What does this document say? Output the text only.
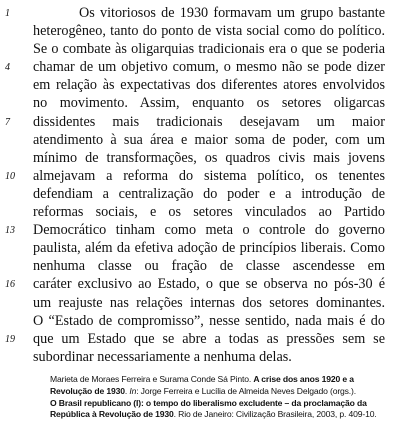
1	Os vitoriosos de 1930 formavam um grupo bastante
heterogêneo, tanto do ponto de vista social como do político.
Se o combate às oligarquias tradicionais era o que se poderia
4	chamar de um objetivo comum, o mesmo não se pode dizer
em relação às expectativas dos diferentes atores envolvidos
no movimento. Assim, enquanto os setores oligarcas
7	dissidentes mais tradicionais desejavam um maior
atendimento à sua área e maior soma de poder, com um
mínimo de transformações, os quadros civis mais jovens
10	almejavam a reforma do sistema político, os tenentes
defendiam a centralização do poder e a introdução de
reformas sociais, e os setores vinculados ao Partido
13	Democrático tinham como meta o controle do governo
paulista, além da efetiva adoção de princípios liberais. Como
nenhuma classe ou fração de classe ascendesse em
16	caráter exclusivo ao Estado, o que se observa no pós-30 é
um reajuste nas relações internas dos setores dominantes.
O “Estado de compromisso”, nesse sentido, nada mais é do
19	que um Estado que se abre a todas as pressões sem se
subordinar necessariamente a nenhuma delas.
Marieta de Moraes Ferreira e Surama Conde Sá Pinto. A crise dos anos 1920 e a
Revolução de 1930. In: Jorge Ferreira e Lucília de Almeida Neves Delgado (orgs.).
O Brasil republicano (I): o tempo do liberalismo excludente – da proclamação da
República à Revolução de 1930. Rio de Janeiro: Civilização Brasileira, 2003, p. 409-10.
